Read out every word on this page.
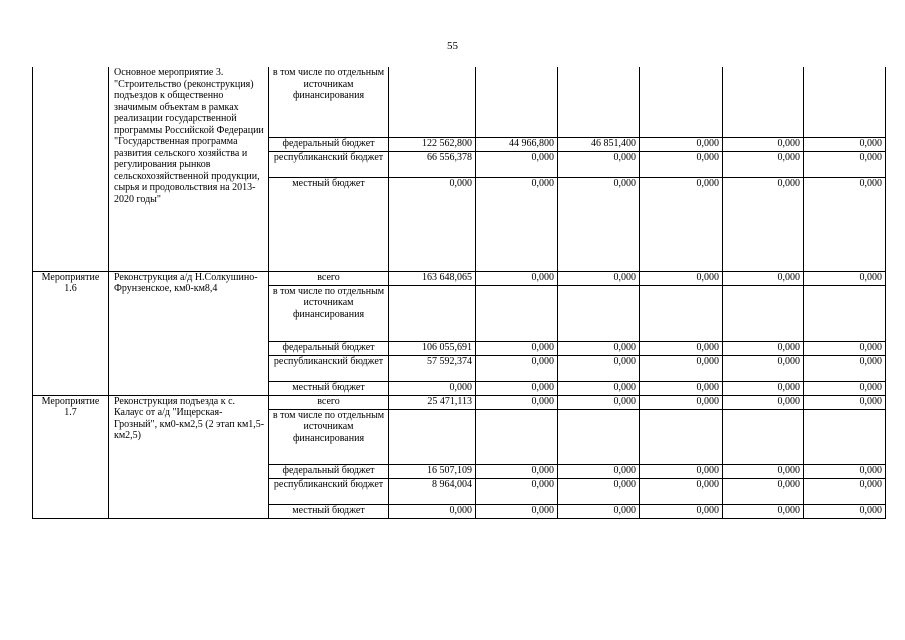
55
	Основное мероприятие 3. "Строительство (реконструкция) подъездов к общественно значимым объектам в рамках реализации государственной программы Российской Федерации "Государственная программа развития сельского хозяйства и регулирования рынков сельскохозяйственной продукции, сырья и продовольствия на 2013-2020 годы"	в том числе по отдельным источникам финансирования						
		федеральный бюджет	122 562,800	44 966,800	46 851,400	0,000	0,000	0,000
		республиканский бюджет	66 556,378	0,000	0,000	0,000	0,000	0,000
		местный бюджет	0,000	0,000	0,000	0,000	0,000	0,000
Мероприятие 1.6	Реконструкция а/д Н.Солкушино-Фрунзенское, км0-км8,4	всего	163 648,065	0,000	0,000	0,000	0,000	0,000
		в том числе по отдельным источникам финансирования						
		федеральный бюджет	106 055,691	0,000	0,000	0,000	0,000	0,000
		республиканский бюджет	57 592,374	0,000	0,000	0,000	0,000	0,000
		местный бюджет	0,000	0,000	0,000	0,000	0,000	0,000
Мероприятие 1.7	Реконструкция подъезда к с. Калаус от а/д "Ищерская-Грозный", км0-км2,5 (2 этап км1,5-км2,5)	всего	25 471,113	0,000	0,000	0,000	0,000	0,000
		в том числе по отдельным источникам финансирования						
		федеральный бюджет	16 507,109	0,000	0,000	0,000	0,000	0,000
		республиканский бюджет	8 964,004	0,000	0,000	0,000	0,000	0,000
		местный бюджет	0,000	0,000	0,000	0,000	0,000	0,000
